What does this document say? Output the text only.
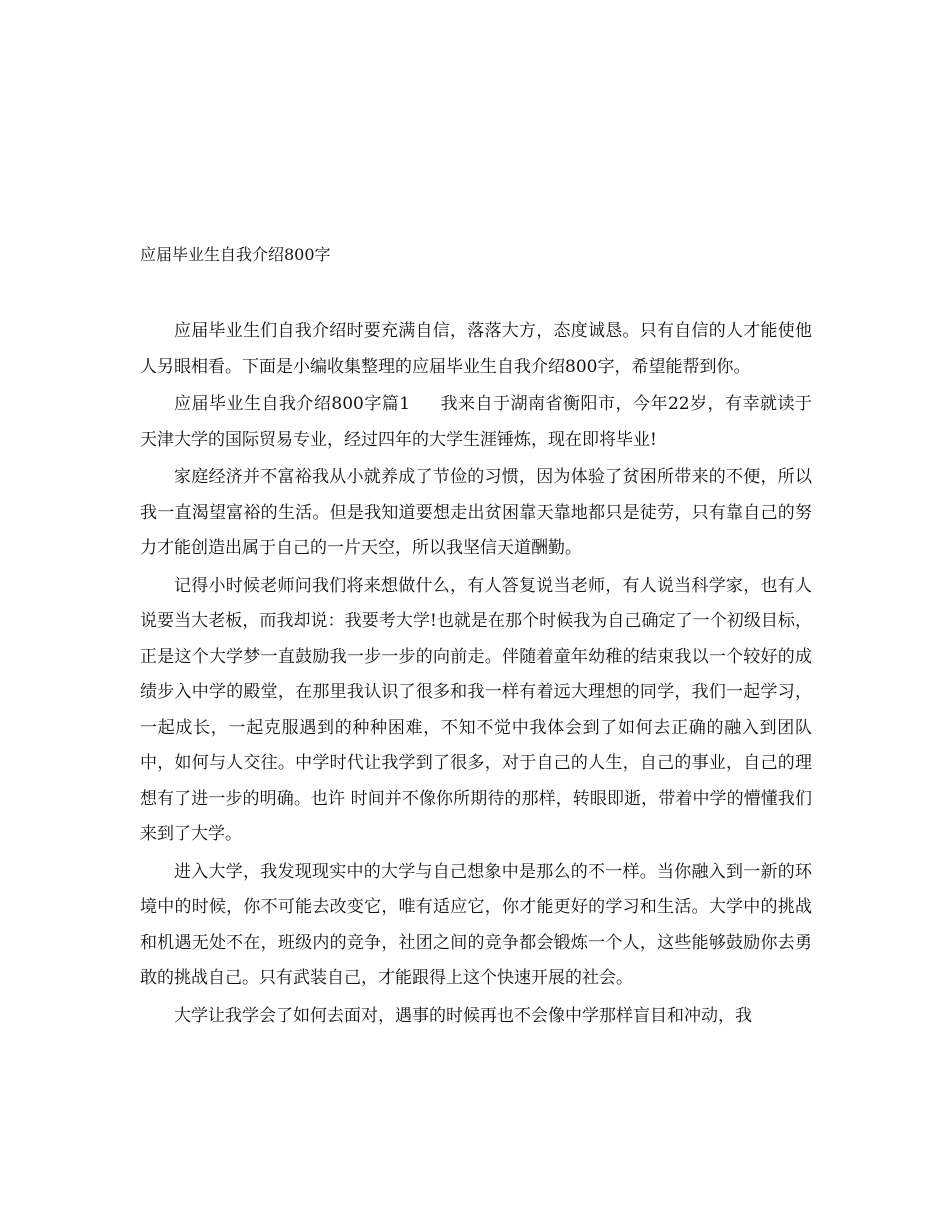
应届毕业生自我介绍800字

应届毕业生们自我介绍时要充满自信，落落大方，态度诚恳。只有自信的人才能使他人另眼相看。下面是小编收集整理的应届毕业生自我介绍800字，希望能帮到你。

应届毕业生自我介绍800字篇1 我来自于湖南省衡阳市，今年22岁，有幸就读于天津大学的国际贸易专业，经过四年的大学生涯锤炼，现在即将毕业!

家庭经济并不富裕我从小就养成了节俭的习惯，因为体验了贫困所带来的不便，所以我一直渴望富裕的生活。但是我知道要想走出贫困靠天靠地都只是徒劳，只有靠自己的努力才能创造出属于自己的一片天空，所以我坚信天道酬勤。

记得小时候老师问我们将来想做什么，有人答复说当老师，有人说当科学家，也有人说要当大老板，而我却说：我要考大学!也就是在那个时候我为自己确定了一个初级目标，正是这个大学梦一直鼓励我一步一步的向前走。伴随着童年幼稚的结束我以一个较好的成绩步入中学的殿堂，在那里我认识了很多和我一样有着远大理想的同学，我们一起学习，一起成长，一起克服遇到的种种困难，不知不觉中我体会到了如何去正确的融入到团队中，如何与人交往。中学时代让我学到了很多，对于自己的人生，自己的事业，自己的理想有了进一步的明确。也许 时间并不像你所期待的那样，转眼即逝，带着中学的懵懂我们来到了大学。

进入大学，我发现现实中的大学与自己想象中是那么的不一样。当你融入到一新的环境中的时候，你不可能去改变它，唯有适应它，你才能更好的学习和生活。大学中的挑战和机遇无处不在，班级内的竞争，社团之间的竞争都会锻炼一个人，这些能够鼓励你去勇敢的挑战自己。只有武装自己，才能跟得上这个快速开展的社会。

大学让我学会了如何去面对，遇事的时候再也不会像中学那样盲目和冲动，我
